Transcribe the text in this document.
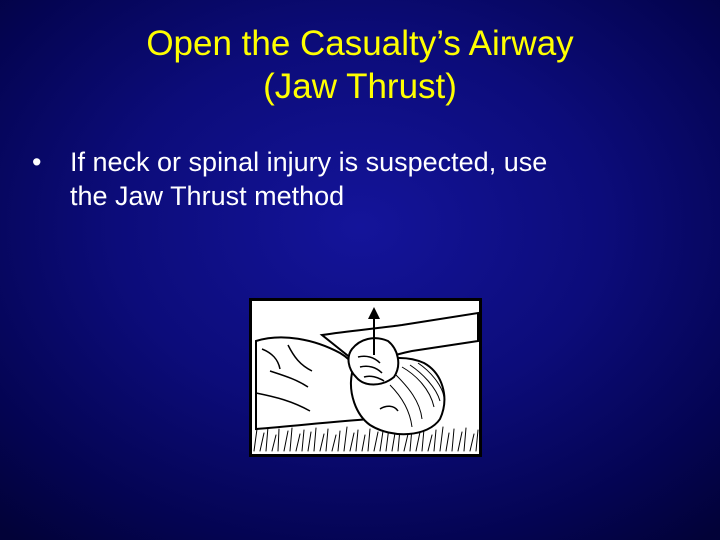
Open the Casualty’s Airway
(Jaw Thrust)
• If neck or spinal injury is suspected, use
the Jaw Thrust method
